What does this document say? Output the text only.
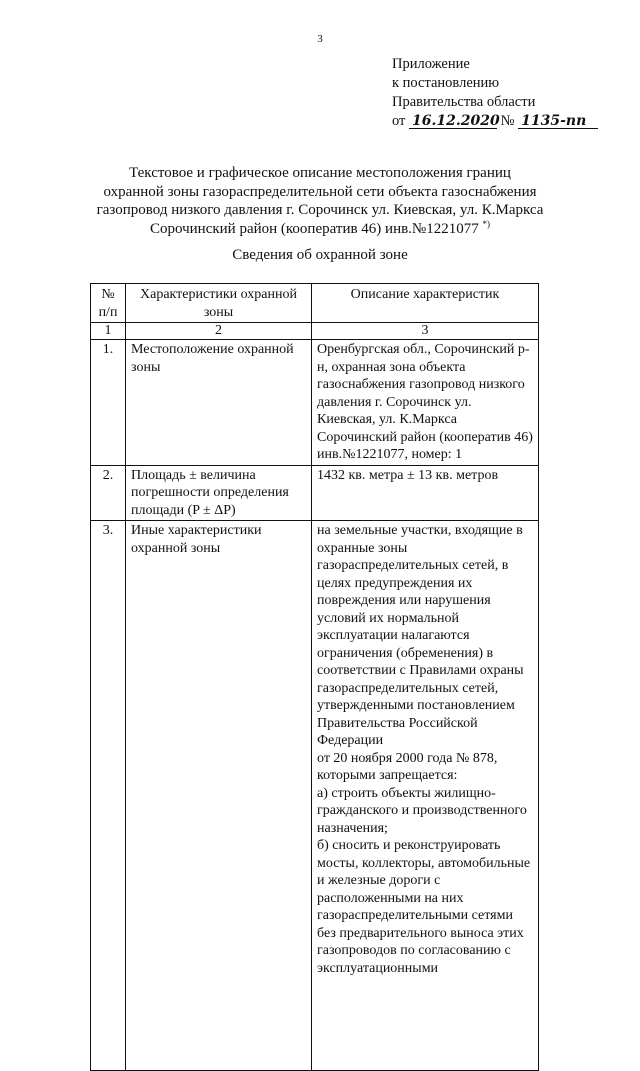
3
Приложение
к постановлению
Правительства области
от 16.12.2020 № 1135-пп
Текстовое и графическое описание местоположения границ
охранной зоны газораспределительной сети объекта газоснабжения
газопровод низкого давления г. Сорочинск ул. Киевская, ул. К.Маркса
Сорочинский район (кооператив 46) инв.№1221077 *)
Сведения об охранной зоне
№ п/п	Характеристики охранной зоны	Описание характеристик
1	2	3
1.	Местоположение охранной зоны	Оренбургская обл., Сорочинский р-н, охранная зона объекта газоснабжения газопровод низкого давления г. Сорочинск ул. Киевская, ул. К.Маркса Сорочинский район (кооператив 46) инв.№1221077, номер: 1
2.	Площадь ± величина погрешности определения площади (P ± ΔP)	1432 кв. метра ± 13 кв. метров
3.	Иные характеристики охранной зоны	на земельные участки, входящие в охранные зоны газораспределительных сетей, в целях предупреждения их повреждения или нарушения условий их нормальной эксплуатации налагаются ограничения (обременения) в соответствии с Правилами охраны газораспределительных сетей, утвержденными постановлением Правительства Российской Федерации
от 20 ноября 2000 года № 878, которыми запрещается:
а) строить объекты жилищно-гражданского и производственного назначения;
б) сносить и реконструировать мосты, коллекторы, автомобильные и железные дороги с расположенными на них газораспределительными сетями без предварительного выноса этих газопроводов по согласованию с эксплуатационными
